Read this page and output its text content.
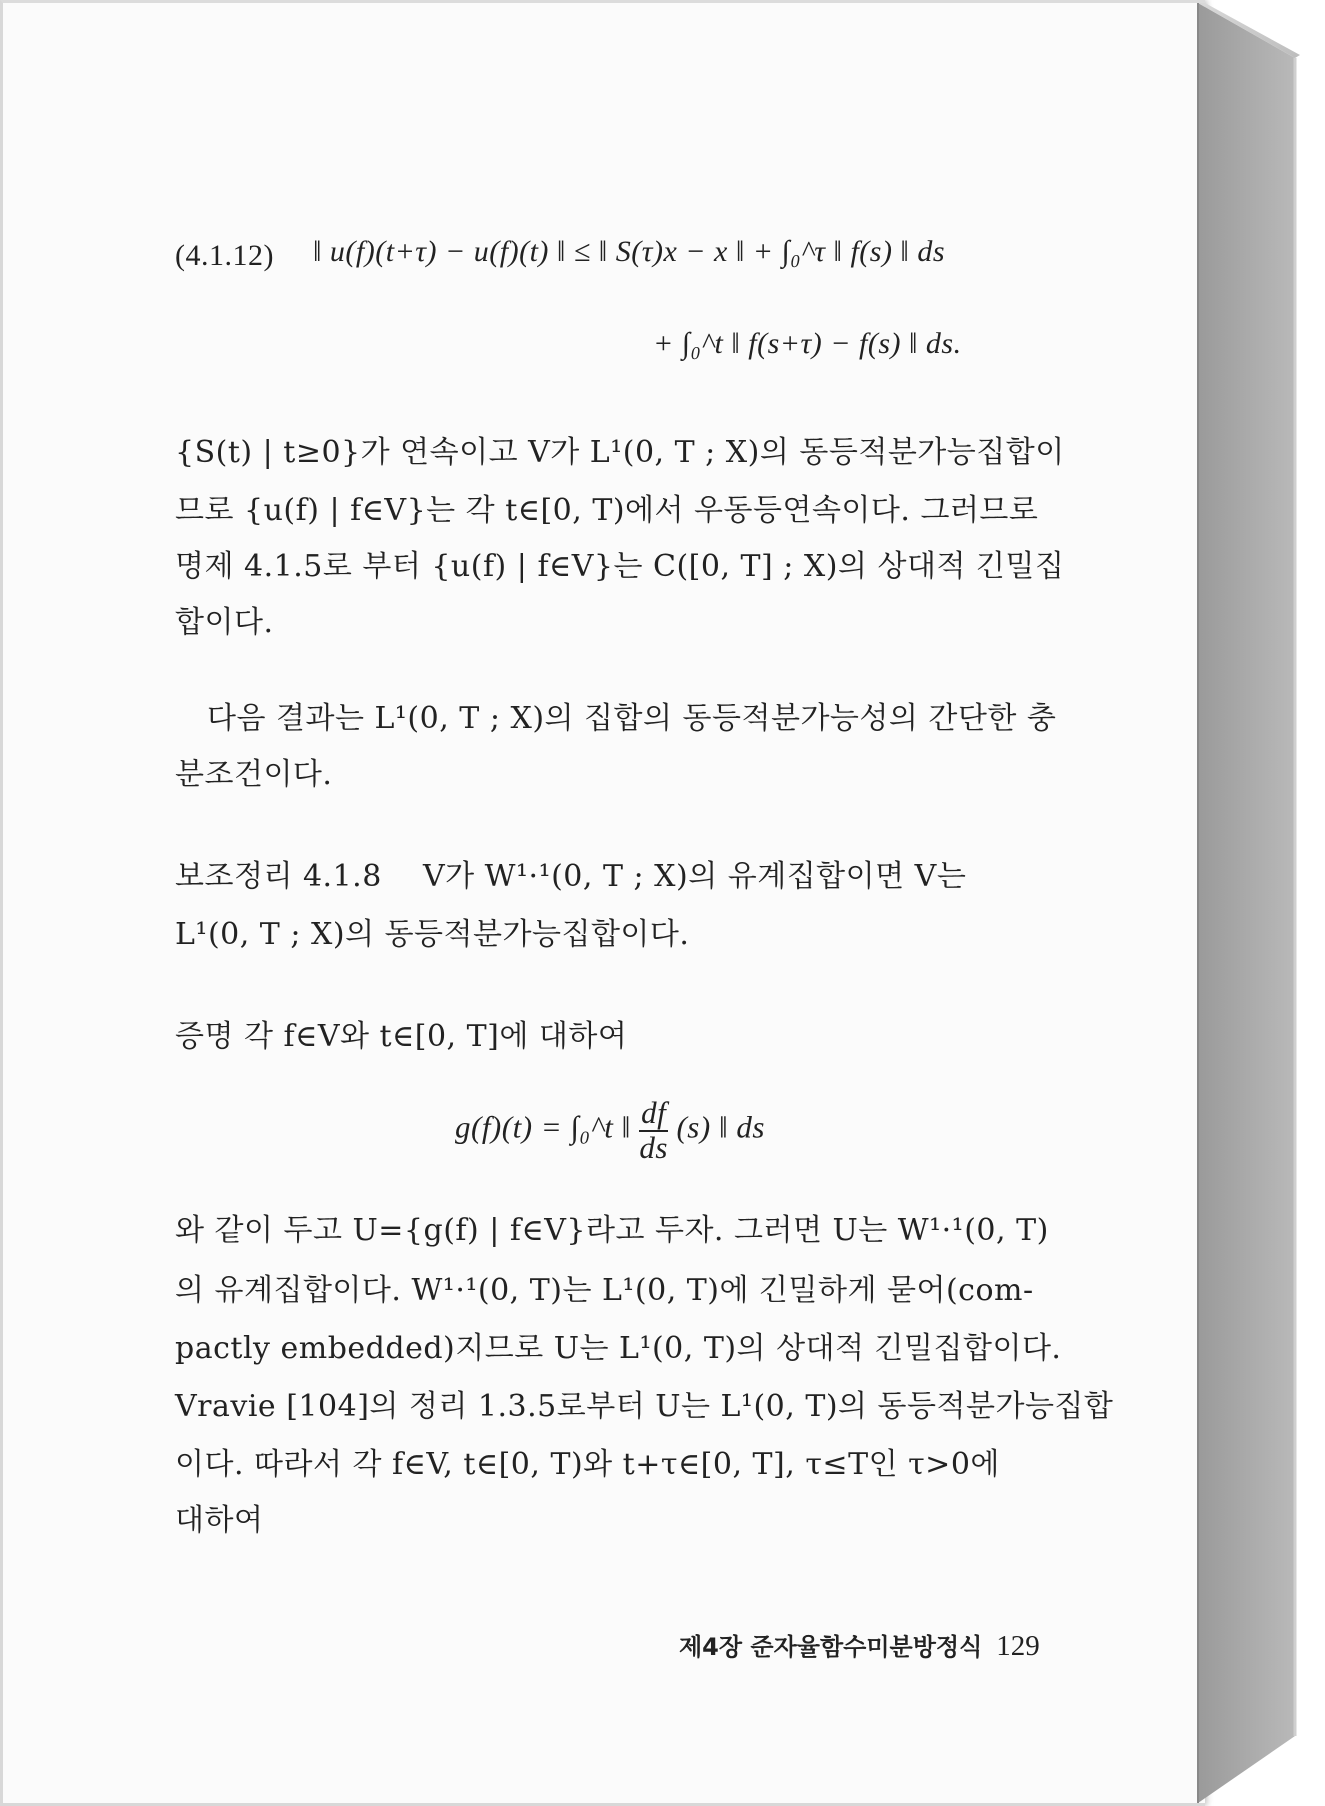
(4.1.12) ‖ u(f)(t+τ) − u(f)(t) ‖ ≤ ‖ S(τ)x − x ‖ + ∫₀^τ ‖ f(s) ‖ ds
+ ∫₀^t ‖ f(s+τ) − f(s) ‖ ds.
{S(t) | t≥0}가 연속이고 V가 L¹(0, T ; X)의 동등적분가능집합이
므로 {u(f) | f∈V}는 각 t∈[0, T)에서 우동등연속이다. 그러므로
명제 4.1.5로 부터 {u(f) | f∈V}는 C([0, T] ; X)의 상대적 긴밀집
합이다.
다음 결과는 L¹(0, T ; X)의 집합의 동등적분가능성의 간단한 충
분조건이다.
보조정리 4.1.8 V가 W¹·¹(0, T ; X)의 유계집합이면 V는
L¹(0, T ; X)의 동등적분가능집합이다.
증명 각 f∈V와 t∈[0, T]에 대하여
g(f)(t) = ∫₀^t ‖ $\frac{df}{ds} (s)$ ‖ ds
와 같이 두고 U={g(f) | f∈V}라고 두자. 그러면 U는 W¹·¹(0, T)
의 유계집합이다. W¹·¹(0, T)는 L¹(0, T)에 긴밀하게 묻어(com-
pactly embedded)지므로 U는 L¹(0, T)의 상대적 긴밀집합이다.
Vravie [104]의 정리 1.3.5로부터 U는 L¹(0, T)의 동등적분가능집합
이다. 따라서 각 f∈V, t∈[0, T)와 t+τ∈[0, T], τ≤T인 τ>0에
대하여
제4장 준자율함수미분방정식 129
